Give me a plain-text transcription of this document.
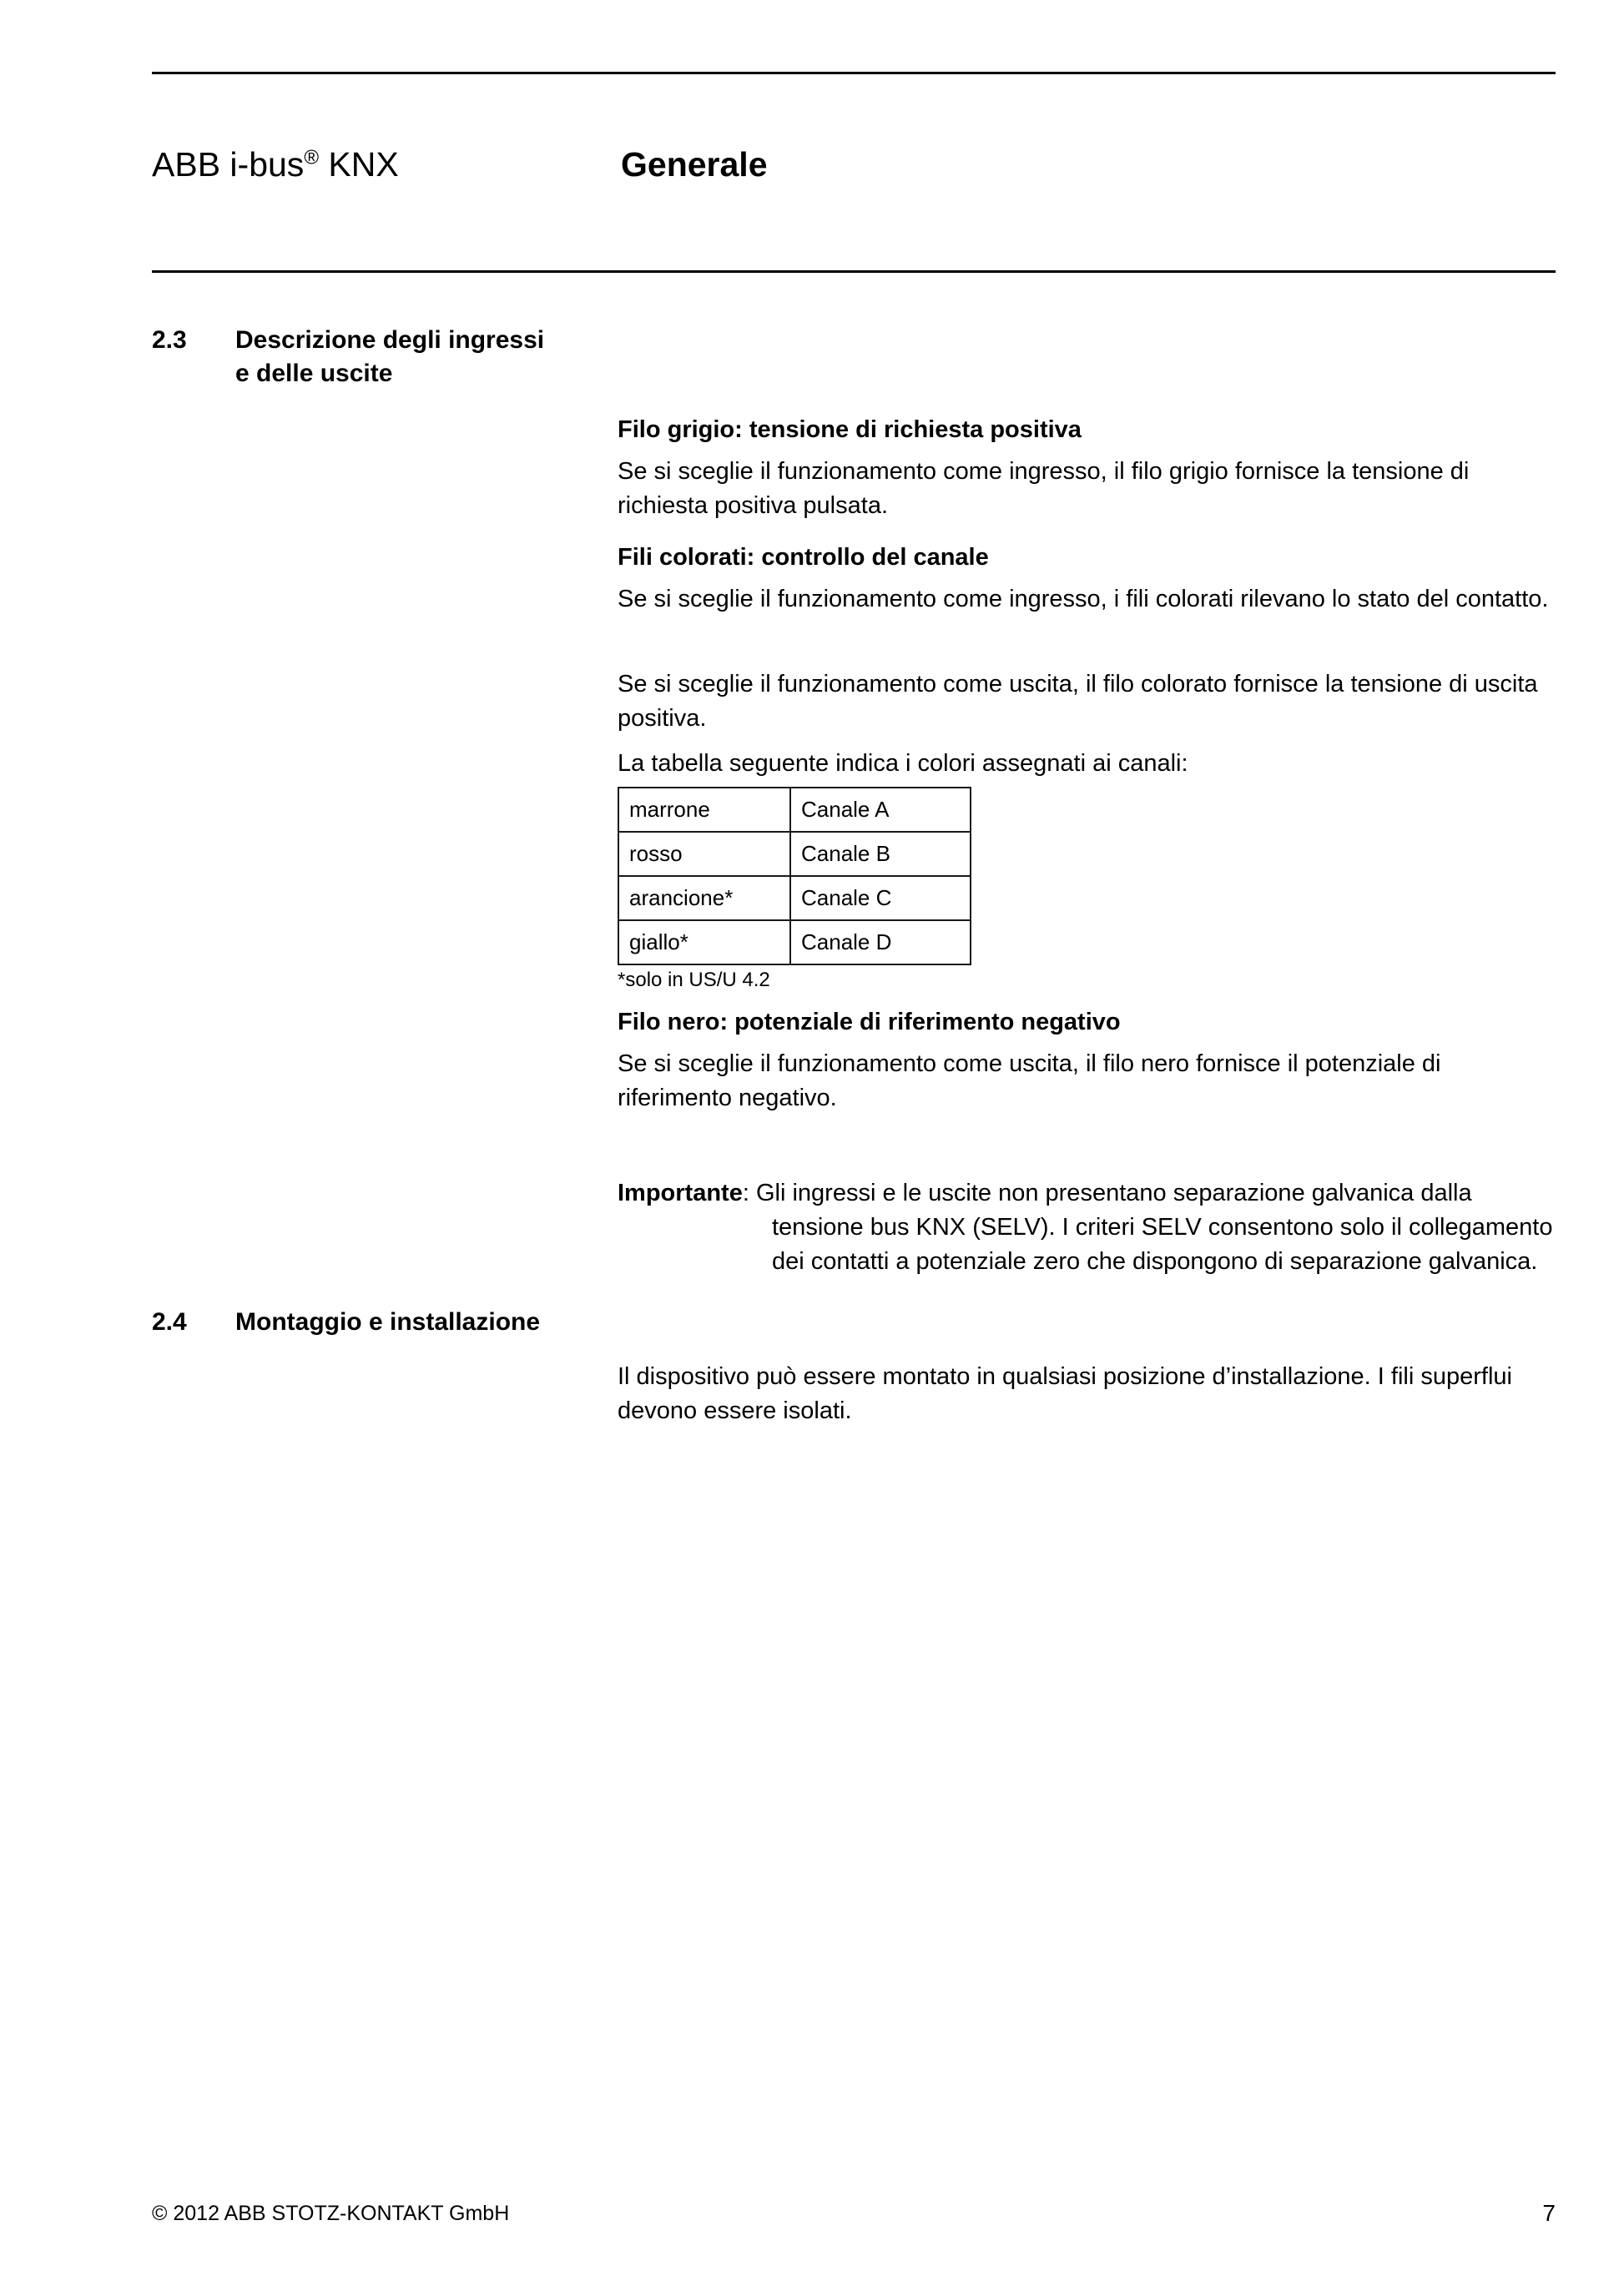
ABB i-bus® KNX	Generale
2.3	Descrizione degli ingressi
e delle uscite

Filo grigio: tensione di richiesta positiva

Se si sceglie il funzionamento come ingresso, il filo grigio fornisce la tensione di richiesta positiva pulsata.

Fili colorati: controllo del canale

Se si sceglie il funzionamento come ingresso, i fili colorati rilevano lo stato del contatto.

Se si sceglie il funzionamento come uscita, il filo colorato fornisce la tensione di uscita positiva.

La tabella seguente indica i colori assegnati ai canali:

marrone	Canale A
rosso	Canale B
arancione*	Canale C
giallo*	Canale D

*solo in US/U 4.2

Filo nero: potenziale di riferimento negativo

Se si sceglie il funzionamento come uscita, il filo nero fornisce il potenziale di riferimento negativo.

Importante: Gli ingressi e le uscite non presentano separazione galvanica dalla tensione bus KNX (SELV). I criteri SELV consentono solo il collegamento dei contatti a potenziale zero che dispongono di separazione galvanica.

2.4	Montaggio e installazione

Il dispositivo può essere montato in qualsiasi posizione d’installazione. I fili superflui devono essere isolati.

© 2012 ABB STOTZ-KONTAKT GmbH	7
